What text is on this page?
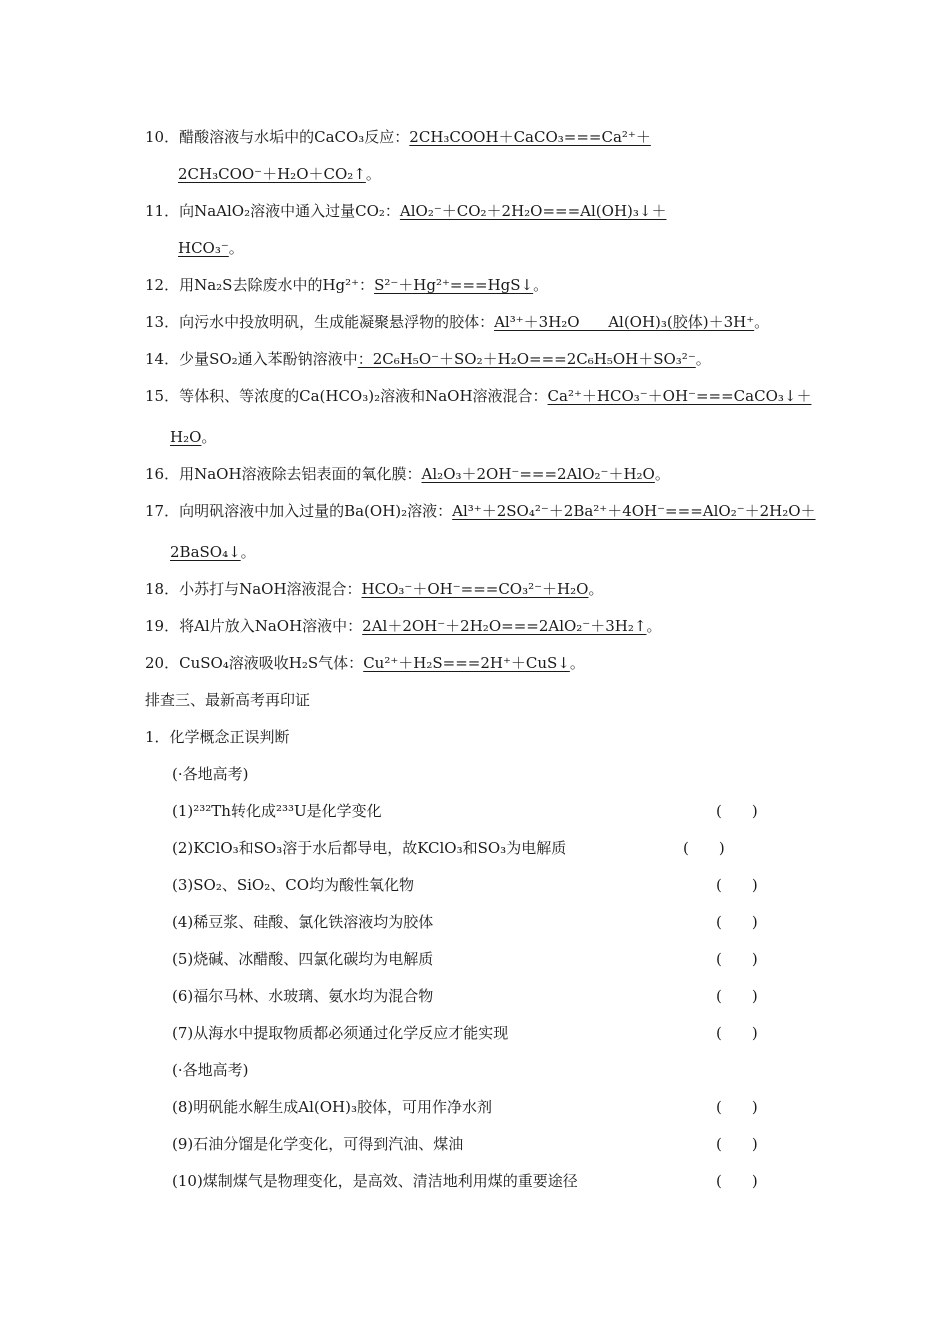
10．醋酸溶液与水垢中的CaCO₃反应：2CH₃COOH＋CaCO₃===Ca²⁺＋
2CH₃COO⁻＋H₂O＋CO₂↑。
11．向NaAlO₂溶液中通入过量CO₂：AlO₂⁻＋CO₂＋2H₂O===Al(OH)₃↓＋
HCO₃⁻。
12．用Na₂S去除废水中的Hg²⁺：S²⁻＋Hg²⁺===HgS↓。
13．向污水中投放明矾，生成能凝聚悬浮物的胶体：Al³⁺＋3H₂O      Al(OH)₃(胶体)＋3H⁺。
14．少量SO₂通入苯酚钠溶液中：2C₆H₅O⁻＋SO₂＋H₂O===2C₆H₅OH＋SO₃²⁻。
15．等体积、等浓度的Ca(HCO₃)₂溶液和NaOH溶液混合：Ca²⁺＋HCO₃⁻＋OH⁻===CaCO₃↓＋
H₂O。
16．用NaOH溶液除去铝表面的氧化膜：Al₂O₃＋2OH⁻===2AlO₂⁻＋H₂O。
17．向明矾溶液中加入过量的Ba(OH)₂溶液：Al³⁺＋2SO₄²⁻＋2Ba²⁺＋4OH⁻===AlO₂⁻＋2H₂O＋
2BaSO₄↓。
18．小苏打与NaOH溶液混合：HCO₃⁻＋OH⁻===CO₃²⁻＋H₂O。
19．将Al片放入NaOH溶液中：2Al＋2OH⁻＋2H₂O===2AlO₂⁻＋3H₂↑。
20．CuSO₄溶液吸收H₂S气体：Cu²⁺＋H₂S===2H⁺＋CuS↓。
排查三、最新高考再印证
1．化学概念正误判断
(·各地高考)
(1)²³²Th转化成²³³U是化学变化	(　　)
(2)KClO₃和SO₃溶于水后都导电，故KClO₃和SO₃为电解质	(　　)
(3)SO₂、SiO₂、CO均为酸性氧化物	(　　)
(4)稀豆浆、硅酸、氯化铁溶液均为胶体	(　　)
(5)烧碱、冰醋酸、四氯化碳均为电解质	(　　)
(6)福尔马林、水玻璃、氨水均为混合物	(　　)
(7)从海水中提取物质都必须通过化学反应才能实现	(　　)
(·各地高考)
(8)明矾能水解生成Al(OH)₃胶体，可用作净水剂	(　　)
(9)石油分馏是化学变化，可得到汽油、煤油	(　　)
(10)煤制煤气是物理变化，是高效、清洁地利用煤的重要途径	(　　)
